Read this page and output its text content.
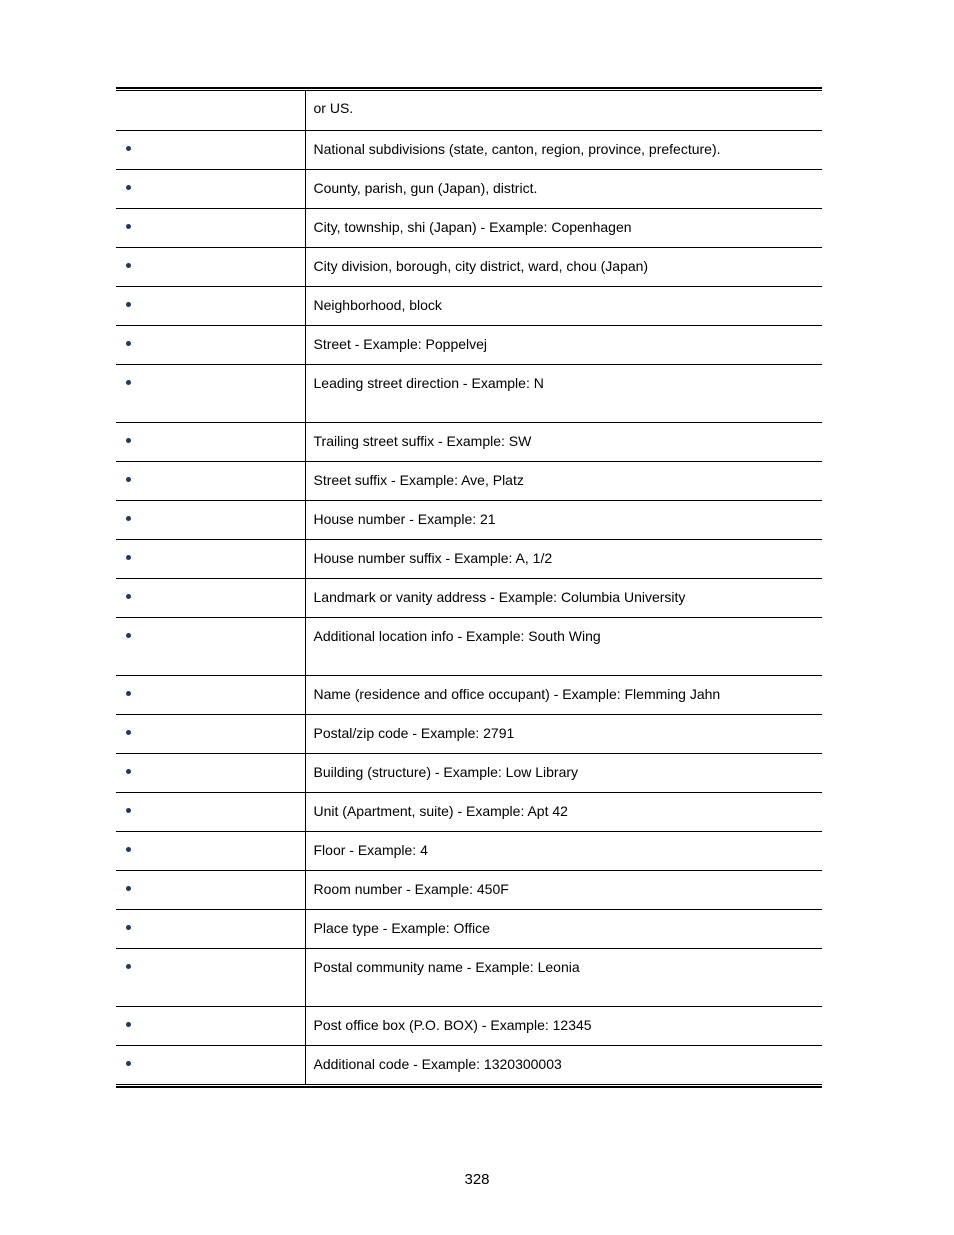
	or US.

	National subdivisions (state, canton, region, province, prefecture).

	County, parish, gun (Japan), district.

	City, township, shi (Japan) - Example: Copenhagen

	City division, borough, city district, ward, chou (Japan)

	Neighborhood, block

	Street - Example: Poppelvej

	Leading street direction - Example: N

	Trailing street suffix - Example: SW

	Street suffix - Example: Ave, Platz

	House number - Example: 21

	House number suffix - Example: A, 1/2

	Landmark or vanity address - Example: Columbia University

	Additional location info - Example: South Wing

	Name (residence and office occupant) - Example: Flemming Jahn

	Postal/zip code - Example: 2791

	Building (structure) - Example: Low Library

	Unit (Apartment, suite) - Example: Apt 42

	Floor - Example: 4

	Room number - Example: 450F

	Place type - Example: Office

	Postal community name - Example: Leonia

	Post office box (P.O. BOX) - Example: 12345

	Additional code - Example: 1320300003
328
